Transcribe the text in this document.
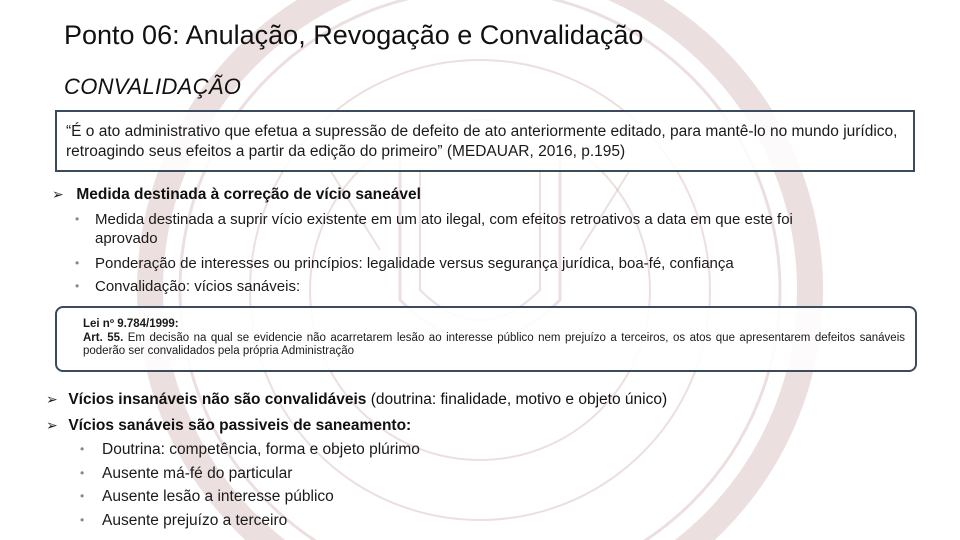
Ponto 06: Anulação, Revogação e Convalidação
CONVALIDAÇÃO
“É o ato administrativo que efetua a supressão de defeito de ato anteriormente editado, para mantê-lo no mundo jurídico, retroagindo seus efeitos a partir da edição do primeiro” (MEDAUAR, 2016, p.195)
➢ Medida destinada à correção de vício saneável
• Medida destinada a suprir vício existente em um ato ilegal, com efeitos retroativos a data em que este foi aprovado
• Ponderação de interesses ou princípios: legalidade versus segurança jurídica, boa-fé, confiança
• Convalidação: vícios sanáveis:
Lei nº 9.784/1999:
Art. 55. Em decisão na qual se evidencie não acarretarem lesão ao interesse público nem prejuízo a terceiros, os atos que apresentarem defeitos sanáveis poderão ser convalidados pela própria Administração
➢ Vícios insanáveis não são convalidáveis (doutrina: finalidade, motivo e objeto único)
➢ Vícios sanáveis são passiveis de saneamento:
• Doutrina: competência, forma e objeto plúrimo
• Ausente má-fé do particular
• Ausente lesão a interesse público
• Ausente prejuízo a terceiro
